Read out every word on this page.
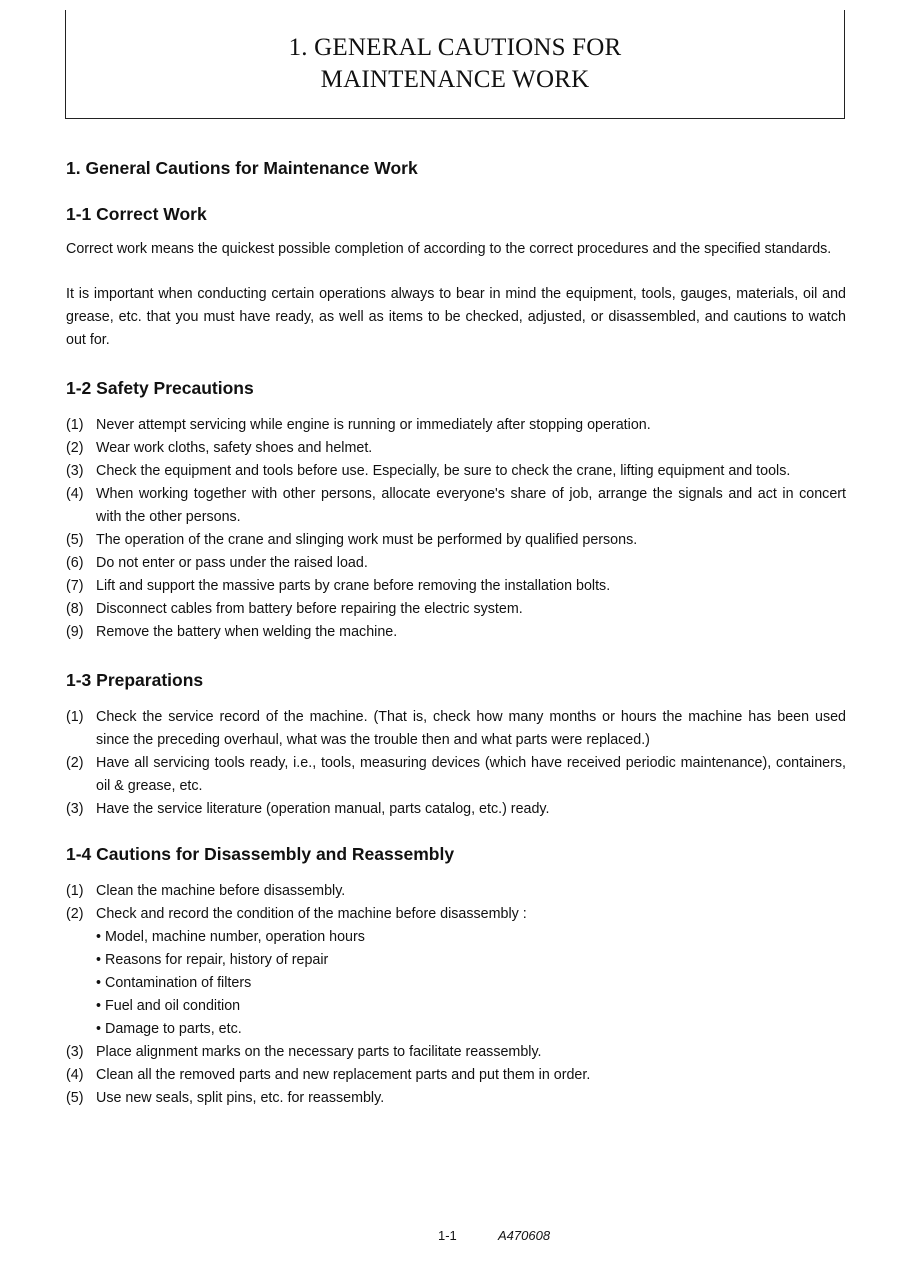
1. GENERAL CAUTIONS FOR
MAINTENANCE WORK
1. General Cautions for Maintenance Work
1-1 Correct Work

Correct work means the quickest possible completion of according to the correct procedures and the specified standards.

It is important when conducting certain operations always to bear in mind the equipment, tools, gauges, materials, oil and grease, etc. that you must have ready, as well as items to be checked, adjusted, or disassembled, and cautions to watch out for.

1-2 Safety Precautions
(1) Never attempt servicing while engine is running or immediately after stopping operation.
(2) Wear work cloths, safety shoes and helmet.
(3) Check the equipment and tools before use. Especially, be sure to check the crane, lifting equipment and tools.
(4) When working together with other persons, allocate everyone's share of job, arrange the signals and act in concert with the other persons.
(5) The operation of the crane and slinging work must be performed by qualified persons.
(6) Do not enter or pass under the raised load.
(7) Lift and support the massive parts by crane before removing the installation bolts.
(8) Disconnect cables from battery before repairing the electric system.
(9) Remove the battery when welding the machine.
1-3 Preparations
(1) Check the service record of the machine. (That is, check how many months or hours the machine has been used since the preceding overhaul, what was the trouble then and what parts were replaced.)
(2) Have all servicing tools ready, i.e., tools, measuring devices (which have received periodic maintenance), containers, oil & grease, etc.
(3) Have the service literature (operation manual, parts catalog, etc.) ready.
1-4 Cautions for Disassembly and Reassembly
(1) Clean the machine before disassembly.
(2) Check and record the condition of the machine before disassembly :
• Model, machine number, operation hours
• Reasons for repair, history of repair
• Contamination of filters
• Fuel and oil condition
• Damage to parts, etc.
(3) Place alignment marks on the necessary parts to facilitate reassembly.
(4) Clean all the removed parts and new replacement parts and put them in order.
(5) Use new seals, split pins, etc. for reassembly.
1-1	A470608
